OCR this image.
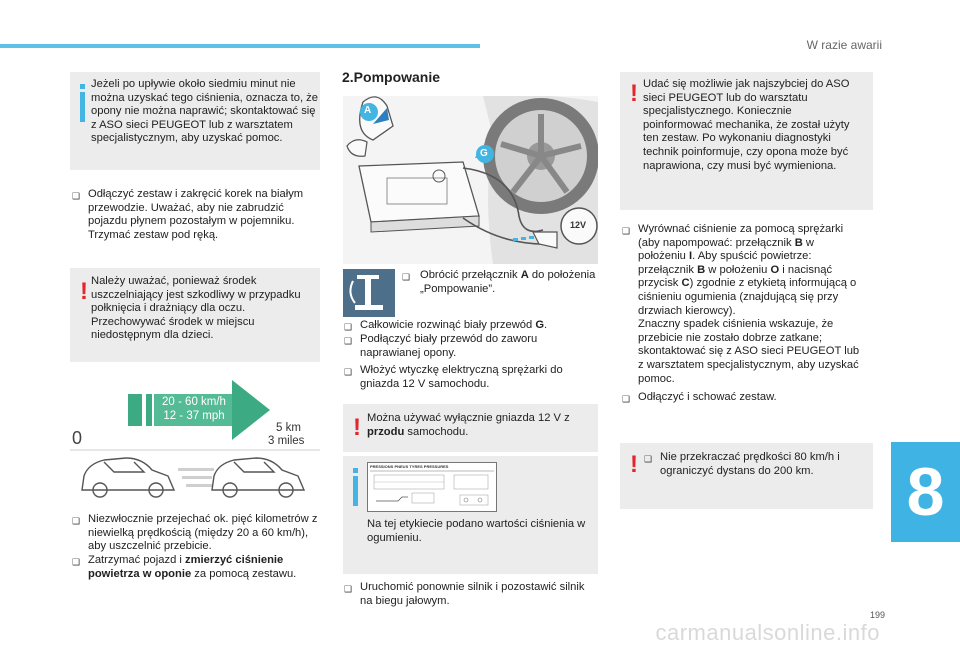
W razie awarii
Jeżeli po upływie około siedmiu minut nie można uzyskać tego ciśnienia, oznacza to, że opony nie można naprawić; skontaktować się z ASO sieci PEUGEOT lub z warsztatem specjalistycznym, aby uzyskać pomoc.
❑ Odłączyć zestaw i zakręcić korek na białym przewodzie. Uważać, aby nie zabrudzić pojazdu płynem pozostałym w pojemniku. Trzymać zestaw pod ręką.
! Należy uważać, ponieważ środek uszczelniający jest szkodliwy w przypadku połknięcia i drażniący dla oczu. Przechowywać środek w miejscu niedostępnym dla dzieci.
20 - 60 km/h
12 - 37 mph
0	5 km
3 miles
❑ Niezwłocznie przejechać ok. pięć kilometrów z niewielką prędkością (między 20 a 60 km/h), aby uszczelnić przebicie.
❑ Zatrzymać pojazd i zmierzyć ciśnienie powietrza w oponie za pomocą zestawu.
2.Pompowanie
A
G
12V
❑ Obrócić przełącznik A do położenia „Pompowanie”.
❑ Całkowicie rozwinąć biały przewód G.
❑ Podłączyć biały przewód do zaworu naprawianej opony.
❑ Włożyć wtyczkę elektryczną sprężarki do gniazda 12 V samochodu.
! Można używać wyłącznie gniazda 12 V z przodu samochodu.
PRESSIONS PNEUS TYRES PRESSURES
Na tej etykiecie podano wartości ciśnienia w ogumieniu.
❑ Uruchomić ponownie silnik i pozostawić silnik na biegu jałowym.
! Udać się możliwie jak najszybciej do ASO sieci PEUGEOT lub do warsztatu specjalistycznego. Koniecznie poinformować mechanika, że został użyty ten zestaw. Po wykonaniu diagnostyki technik poinformuje, czy opona może być naprawiona, czy musi być wymieniona.
❑ Wyrównać ciśnienie za pomocą sprężarki (aby napompować: przełącznik B w położeniu I. Aby spuścić powietrze: przełącznik B w położeniu O i nacisnąć przycisk C) zgodnie z etykietą informującą o ciśnieniu ogumienia (znajdującą się przy drzwiach kierowcy).
Znaczny spadek ciśnienia wskazuje, że przebicie nie zostało dobrze zatkane; skontaktować się z ASO sieci PEUGEOT lub z warsztatem specjalistycznym, aby uzyskać pomoc.
❑ Odłączyć i schować zestaw.
! ❑ Nie przekraczać prędkości 80 km/h i ograniczyć dystans do 200 km.	8
199
carmanualsonline.info
